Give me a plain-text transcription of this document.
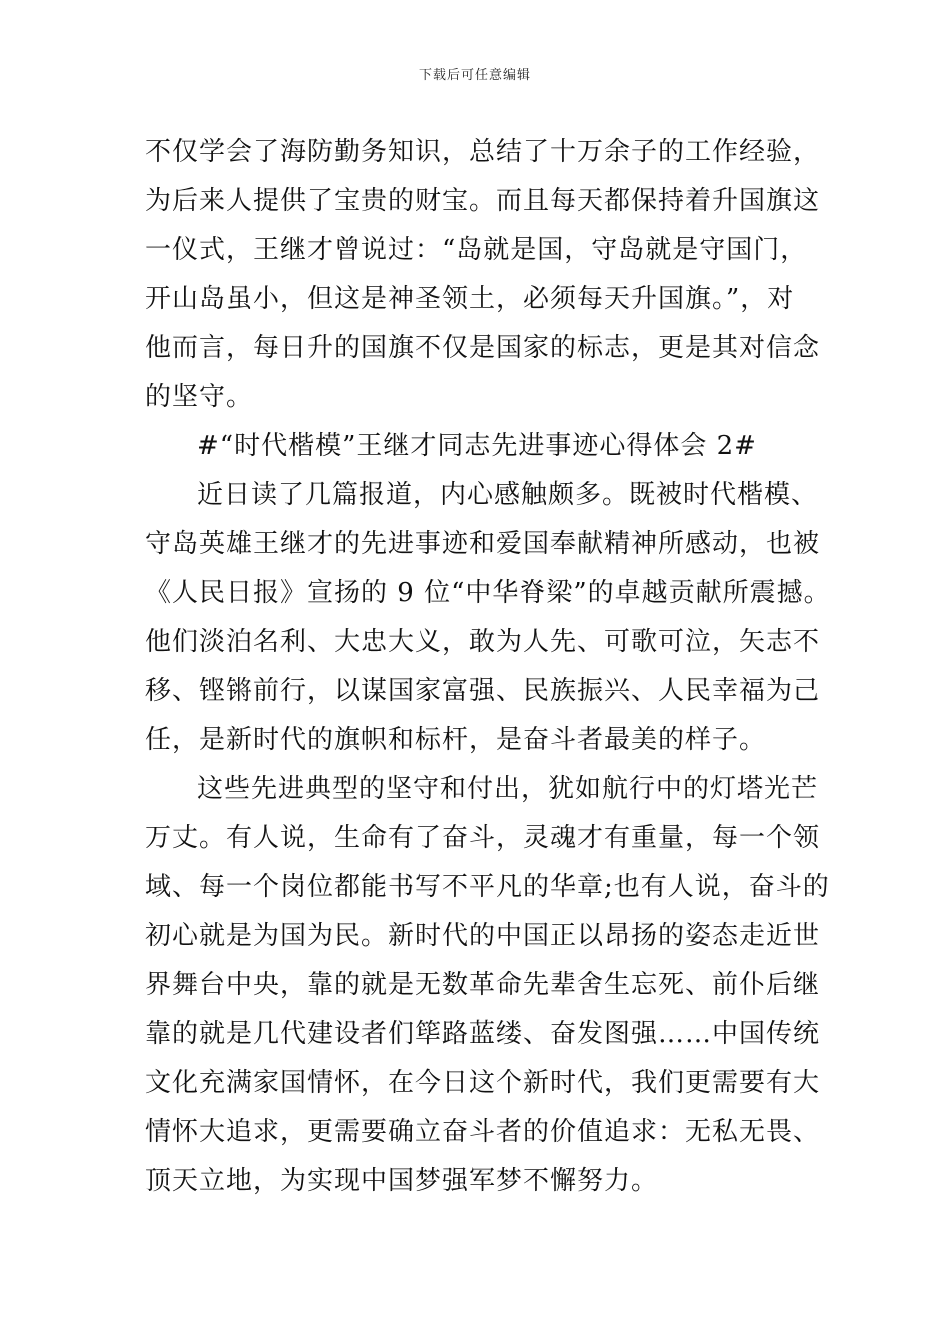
下载后可任意编辑
不仅学会了海防勤务知识，总结了十万余子的工作经验，
为后来人提供了宝贵的财宝。而且每天都保持着升国旗这
一仪式，王继才曾说过：“岛就是国，守岛就是守国门，
开山岛虽小，但这是神圣领土，必须每天升国旗。”，对
他而言，每日升的国旗不仅是国家的标志，更是其对信念
的坚守。
#“时代楷模”王继才同志先进事迹心得体会 2#
近日读了几篇报道，内心感触颇多。既被时代楷模、
守岛英雄王继才的先进事迹和爱国奉献精神所感动，也被
《人民日报》宣扬的 9 位“中华脊梁”的卓越贡献所震撼。
他们淡泊名利、大忠大义，敢为人先、可歌可泣，矢志不
移、铿锵前行，以谋国家富强、民族振兴、人民幸福为己
任，是新时代的旗帜和标杆，是奋斗者最美的样子。
这些先进典型的坚守和付出，犹如航行中的灯塔光芒
万丈。有人说，生命有了奋斗，灵魂才有重量，每一个领
域、每一个岗位都能书写不平凡的华章;也有人说，奋斗的
初心就是为国为民。新时代的中国正以昂扬的姿态走近世
界舞台中央，靠的就是无数革命先辈舍生忘死、前仆后继
靠的就是几代建设者们筚路蓝缕、奋发图强……中国传统
文化充满家国情怀，在今日这个新时代，我们更需要有大
情怀大追求，更需要确立奋斗者的价值追求：无私无畏、
顶天立地，为实现中国梦强军梦不懈努力。
